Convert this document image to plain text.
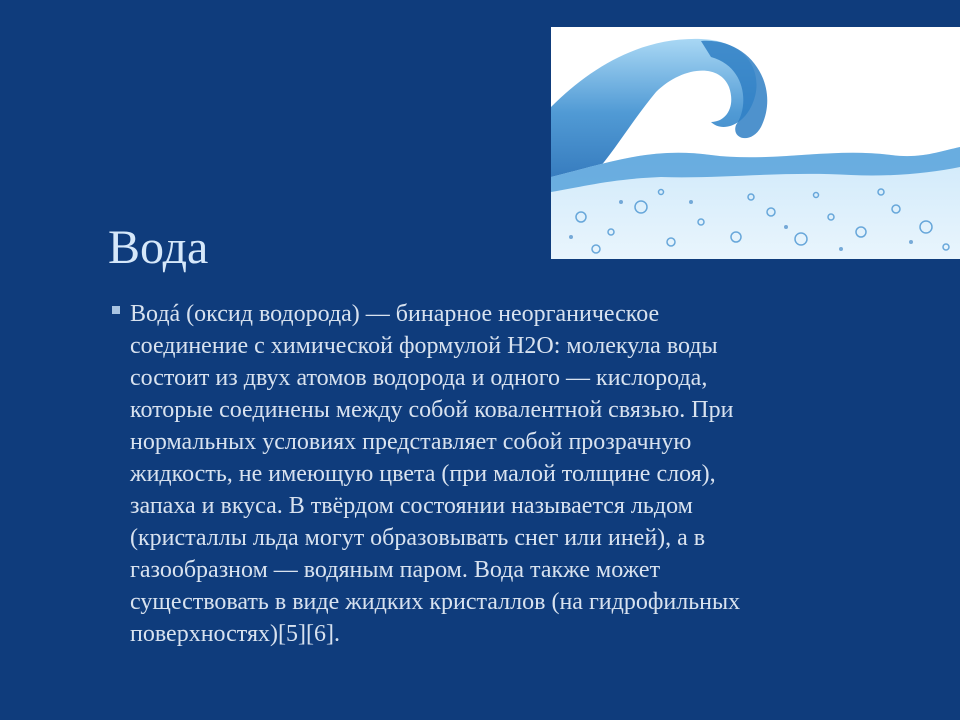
Вода
Водá (оксид водорода) — бинарное неорганическое
соединение с химической формулой Н2O: молекула воды
состоит из двух атомов водорода и одного — кислорода,
которые соединены между собой ковалентной связью. При
нормальных условиях представляет собой прозрачную
жидкость, не имеющую цвета (при малой толщине слоя),
запаха и вкуса. В твёрдом состоянии называется льдом
(кристаллы льда могут образовывать снег или иней), а в
газообразном — водяным паром. Вода также может
существовать в виде жидких кристаллов (на гидрофильных
поверхностях)[5][6].
